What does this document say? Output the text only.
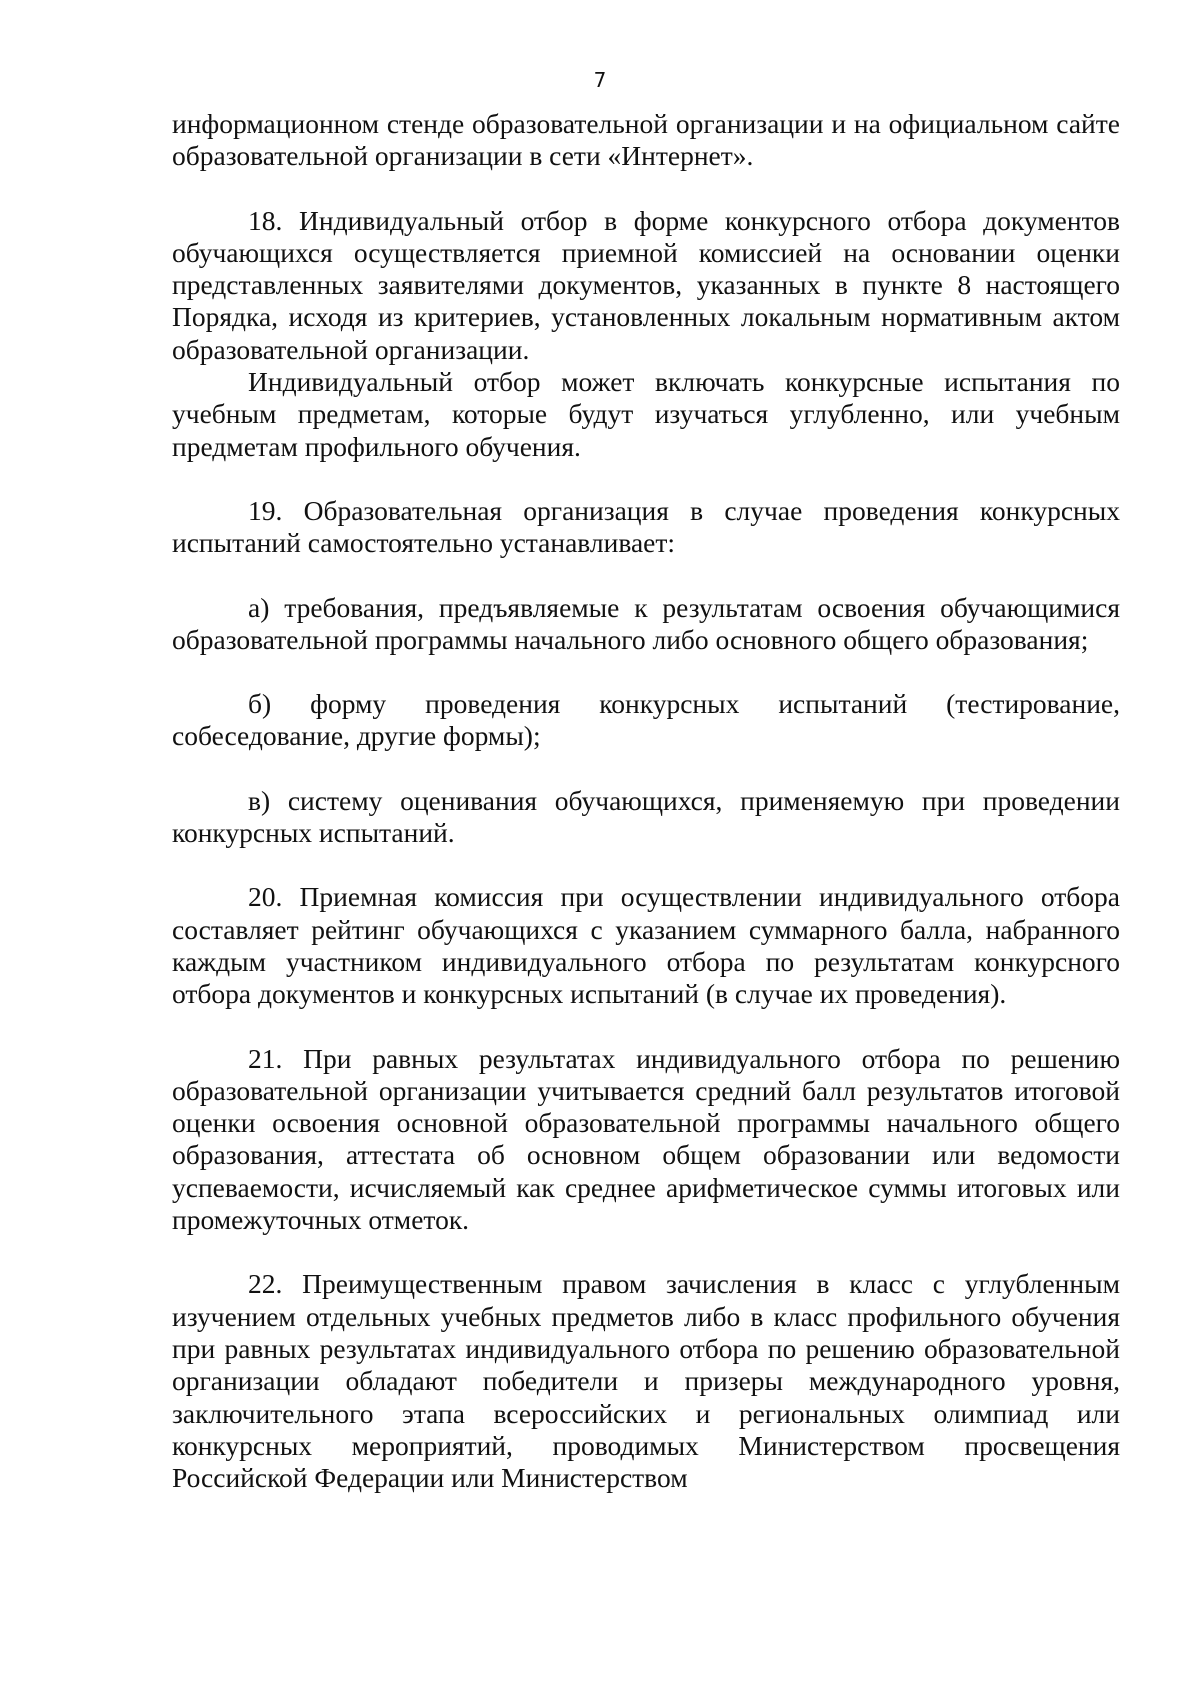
7

информационном стенде образовательной организации и на официальном сайте образовательной организации в сети «Интернет».

18. Индивидуальный отбор в форме конкурсного отбора документов обучающихся осуществляется приемной комиссией на основании оценки представленных заявителями документов, указанных в пункте 8 настоящего Порядка, исходя из критериев, установленных локальным нормативным актом образовательной организации.

Индивидуальный отбор может включать конкурсные испытания по учебным предметам, которые будут изучаться углубленно, или учебным предметам профильного обучения.

19. Образовательная организация в случае проведения конкурсных испытаний самостоятельно устанавливает:

а) требования, предъявляемые к результатам освоения обучающимися образовательной программы начального либо основного общего образования;

б) форму проведения конкурсных испытаний (тестирование, собеседование, другие формы);

в) систему оценивания обучающихся, применяемую при проведении конкурсных испытаний.

20. Приемная комиссия при осуществлении индивидуального отбора составляет рейтинг обучающихся с указанием суммарного балла, набранного каждым участником индивидуального отбора по результатам конкурсного отбора документов и конкурсных испытаний (в случае их проведения).

21. При равных результатах индивидуального отбора по решению образовательной организации учитывается средний балл результатов итоговой оценки освоения основной образовательной программы начального общего образования, аттестата об основном общем образовании или ведомости успеваемости, исчисляемый как среднее арифметическое суммы итоговых или промежуточных отметок.

22. Преимущественным правом зачисления в класс с углубленным изучением отдельных учебных предметов либо в класс профильного обучения при равных результатах индивидуального отбора по решению образовательной организации обладают победители и призеры международного уровня, заключительного этапа всероссийских и региональных олимпиад или конкурсных мероприятий, проводимых Министерством просвещения Российской Федерации или Министерством
